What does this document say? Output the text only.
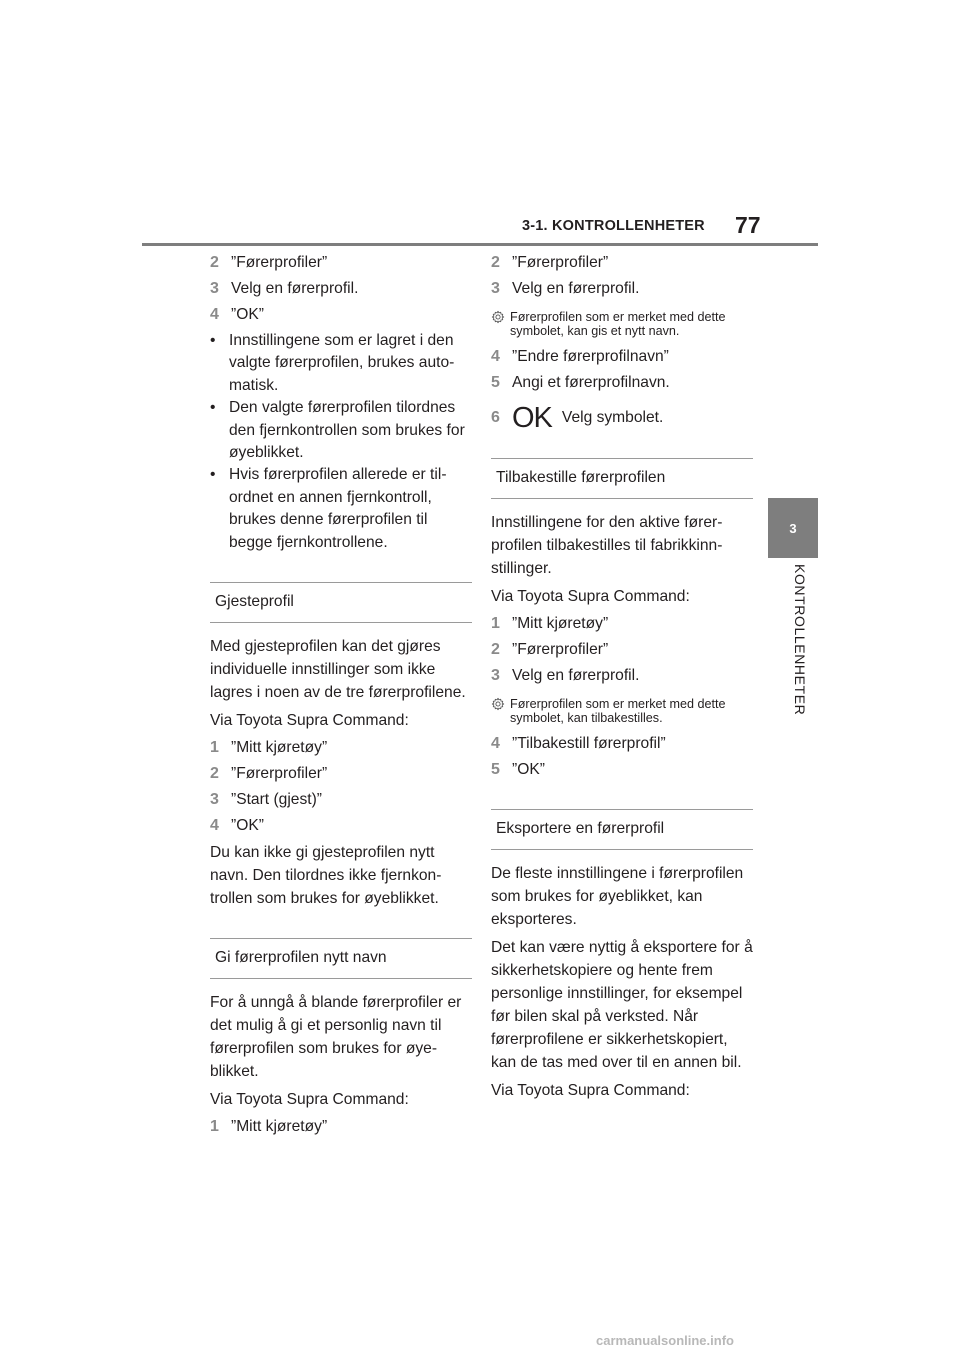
3-1. KONTROLLENHETER 77
3
KONTROLLENHETER
2 ”Førerprofiler”
3 Velg en førerprofil.
4 ”OK”
• Innstillingene som er lagret i den valgte førerprofilen, brukes automatisk.
• Den valgte førerprofilen tilordnes den fjernkontrollen som brukes for øyeblikket.
• Hvis førerprofilen allerede er tilordnet en annen fjernkontroll, brukes denne førerprofilen til begge fjernkontrollene.
Gjesteprofil

Med gjesteprofilen kan det gjøres individuelle innstillinger som ikke lagres i noen av de tre førerprofilene.

Via Toyota Supra Command:

1 ”Mitt kjøretøy”
2 ”Førerprofiler”
3 ”Start (gjest)”
4 ”OK”

Du kan ikke gi gjesteprofilen nytt navn. Den tilordnes ikke fjernkontrollen som brukes for øyeblikket.

Gi førerprofilen nytt navn

For å unngå å blande førerprofiler er det mulig å gi et personlig navn til førerprofilen som brukes for øyeblikket.

Via Toyota Supra Command:

1 ”Mitt kjøretøy”
2 ”Førerprofiler”
3 Velg en førerprofil.
Førerprofilen som er merket med dette symbolet, kan gis et nytt navn.
4 ”Endre førerprofilnavn”
5 Angi et førerprofilnavn.
6 OK Velg symbolet.
Tilbakestille førerprofilen

Innstillingene for den aktive førerprofilen tilbakestilles til fabrikkinnstillinger.

Via Toyota Supra Command:

1 ”Mitt kjøretøy”
2 ”Førerprofiler”
3 Velg en førerprofil.
Førerprofilen som er merket med dette symbolet, kan tilbakestilles.
4 ”Tilbakestill førerprofil”
5 ”OK”
Eksportere en førerprofil

De fleste innstillingene i førerprofilen som brukes for øyeblikket, kan eksporteres.

Det kan være nyttig å eksportere for å sikkerhetskopiere og hente frem personlige innstillinger, for eksempel før bilen skal på verksted. Når førerprofilene er sikkerhetskopiert, kan de tas med over til en annen bil.

Via Toyota Supra Command:

carmanualsonline.info
